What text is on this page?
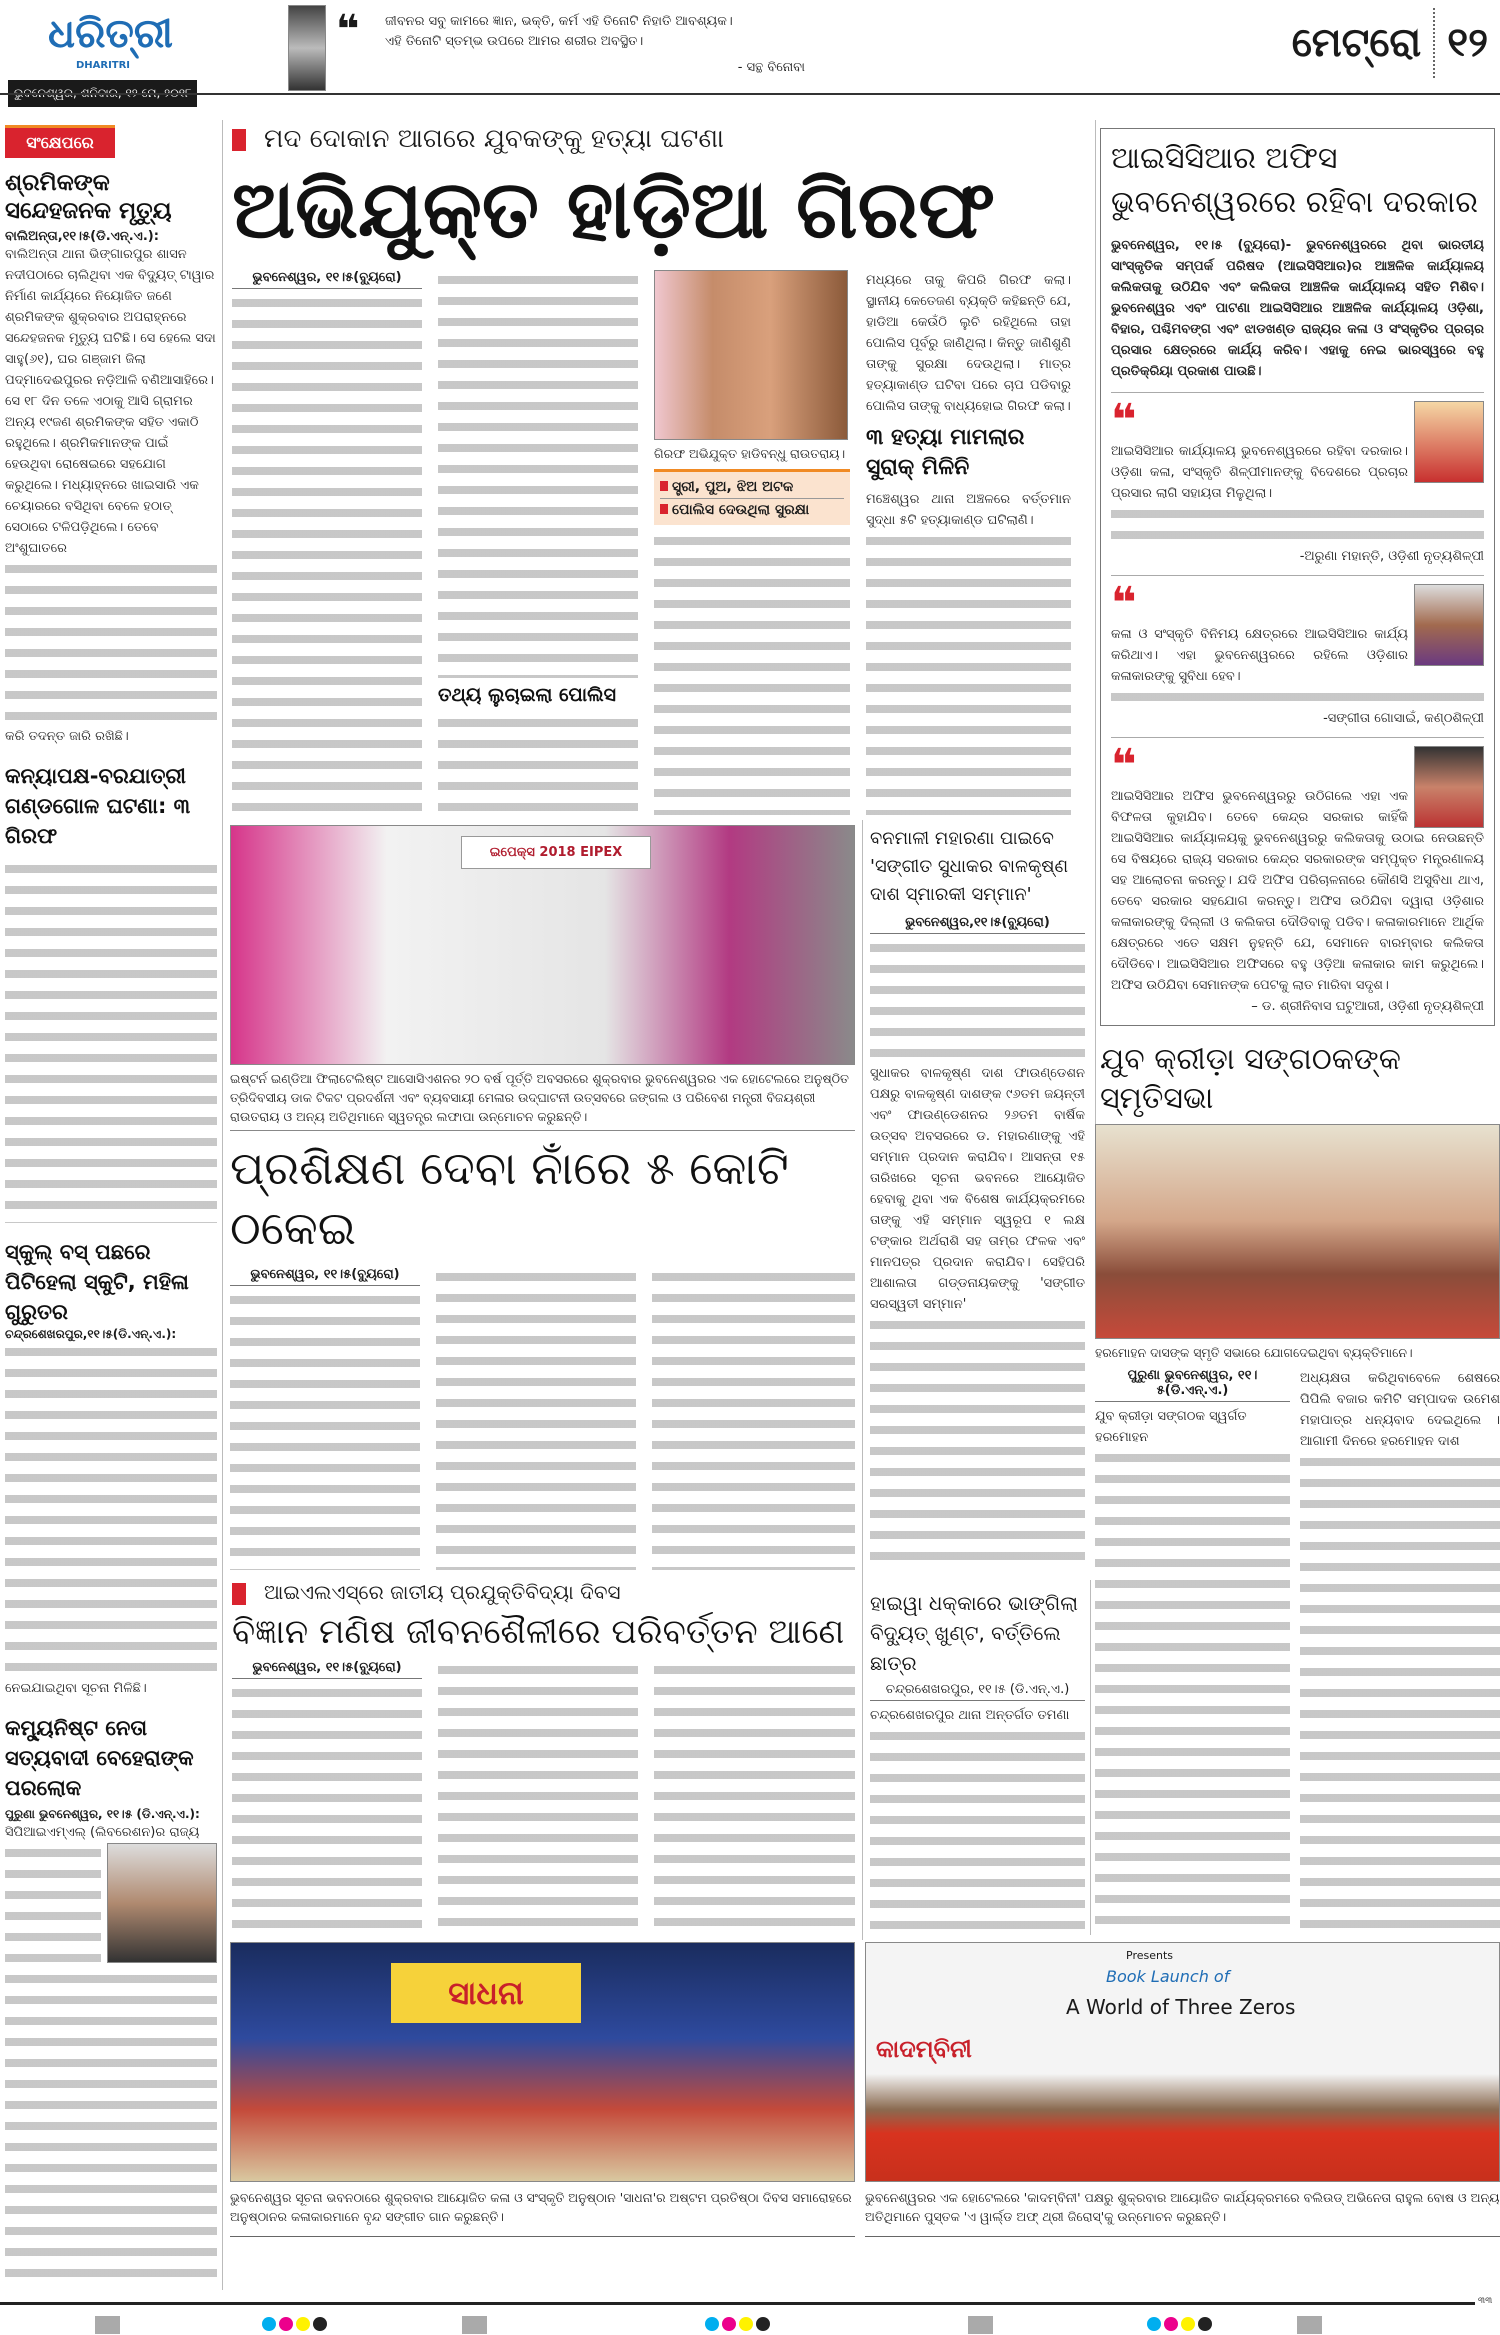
ଧରିତ୍ରୀ
DHARITRI
❝	ଜୀବନର ସବୁ କାମରେ ଜ୍ଞାନ, ଭକ୍ତି, କର୍ମ ଏହି ତିନୋଟି ନିହାତି ଆବଶ୍ୟକ।
ଏହି ତିନୋଟି ସ୍ତମ୍ଭ ଉପରେ ଆମର ଶରୀର ଅବସ୍ଥିତ।
- ସନ୍ଥ ବିନୋବା
ମେଟ୍ରୋ ୧୨
ସଂକ୍ଷେପରେ
ଶ୍ରମିକଙ୍କ ସନ୍ଦେହଜନକ ମୃତ୍ୟୁ
ବାଲିଅନ୍ତା,୧୧।୫(ଡି.ଏନ୍.ଏ.):
ବାଲିଅନ୍ତା ଥାନା ଭିଙ୍ଗାରପୁର ଶାସନ ନଦୀପଠାରେ ଚାଲିଥିବା ଏକ ବିଦ୍ୟୁତ୍ ଟାୱାର ନିର୍ମାଣ କାର୍ଯ୍ୟରେ ନିୟୋଜିତ ଜଣେ ଶ୍ରମିକଙ୍କ ଶୁକ୍ରବାର ଅପରାହ୍ନରେ ସନ୍ଦେହଜନକ ମୃତ୍ୟୁ ଘଟିଛି। ସେ ହେଲେ ସଦା ସାହୁ(୬୧), ଘର ଗଞ୍ଜାମ ଜିଲା ପଦ୍ମାଦେଈପୁରର ନଡ଼ିଆଳି ବଣିଆସାହିରେ। ସେ ୧୮ ଦିନ ତଳେ ଏଠାକୁ ଆସି ଗ୍ରାମର ଅନ୍ୟ ୧୯ଜଣ ଶ୍ରମିକଙ୍କ ସହିତ ଏକାଠି ରହୁଥିଲେ। ଶ୍ରମିକମାନଙ୍କ ପାଇଁ ହେଉଥିବା ରୋଷେଇରେ ସହଯୋଗ କରୁଥିଲେ। ମଧ୍ୟାହ୍ନରେ ଖାଇସାରି ଏକ ଚେୟାରରେ ବସିଥିବା ବେଳେ ହଠାତ୍ ସେଠାରେ ଟଳିପଡ଼ିଥିଲେ। ତେବେ ଅଂଶୁଘାତରେ
କରି ତଦନ୍ତ ଜାରି ରଖିଛି।
କନ୍ୟାପକ୍ଷ-ବରଯାତ୍ରୀ ଗଣ୍ଡଗୋଳ ଘଟଣା: ୩ ଗିରଫ
ସ୍କୁଲ୍ ବସ୍ ପଛରେ ପିଟିହେଲା ସ୍କୁଟି, ମହିଳା ଗୁରୁତର
ଚନ୍ଦ୍ରଶେଖରପୁର,୧୧।୫(ଡି.ଏନ୍.ଏ.):
ନେଇଯାଇଥିବା ସୂଚନା ମିଳିଛି।
କମ୍ୟୁନିଷ୍ଟ ନେତା ସତ୍ୟବାଦୀ ବେହେରାଙ୍କ ପରଲୋକ
ପୁରୁଣା ଭୁବନେଶ୍ୱର, ୧୧।୫ (ଡି.ଏନ୍.ଏ.):
ସିପିଆଇଏମ୍ଏଲ୍ (ଲିବରେଶନ)ର ରାଜ୍ୟ
ମଦ ଦୋକାନ ଆଗରେ ଯୁବକଙ୍କୁ ହତ୍ୟା ଘଟଣା
ଅଭିଯୁକ୍ତ ହାଡ଼ିଆ ଗିରଫ
ଭୁବନେଶ୍ୱର, ୧୧।୫(ବ୍ୟୁରୋ)
ତଥ୍ୟ ଲୁଚାଇଲା ପୋଲିସ
ଗିରଫ ଅଭିଯୁକ୍ତ ହାଡିବନ୍ଧୁ ରାଉତରାୟ।
ସ୍ତ୍ରୀ, ପୁଅ, ଝିଅ ଅଟକ
ପୋଲିସ ଦେଉଥିଲା ସୁରକ୍ଷା
ମଧ୍ୟରେ ତାକୁ କିପରି ଗିରଫ କଲା। ସ୍ଥାନୀୟ କେତେଜଣ ବ୍ୟକ୍ତି କହିଛନ୍ତି ଯେ, ହାଡିଆ କେଉଁଠି ଲୁଚି ରହିଥିଲେ ତାହା ପୋଲିସ ପୂର୍ବରୁ ଜାଣିଥିଲା। କିନ୍ତୁ ଜାଣିଶୁଣି ତାଙ୍କୁ ସୁରକ୍ଷା ଦେଉଥିଲା। ମାତ୍ର ହତ୍ୟାକାଣ୍ଡ ଘଟିବା ପରେ ଚାପ ପଡିବାରୁ ପୋଲିସ ତାଙ୍କୁ ବାଧ୍ୟହୋଇ ଗିରଫ କଲା।
୩ ହତ୍ୟା ମାମଲାର ସୁରାକ୍ ମିଳିନି
ମଞ୍ଚେଶ୍ୱର ଥାନା ଅଞ୍ଚଳରେ ବର୍ତ୍ତମାନ ସୁଦ୍ଧା ୫ଟି ହତ୍ୟାକାଣ୍ଡ ଘଟିଲାଣି।
ଇପେକ୍ସ 2018 EIPEX
ଇଷ୍ଟର୍ନ ଇଣ୍ଡିଆ ଫିଲାଟେଲିଷ୍ଟ ଆସୋସିଏଶନର ୨୦ ବର୍ଷ ପୂର୍ତ୍ତି ଅବସରରେ ଶୁକ୍ରବାର ଭୁବନେଶ୍ୱରର ଏକ ହୋଟେଲରେ ଅନୁଷ୍ଠିତ ତ୍ରିଦିବସୀୟ ଡାକ ଟିକଟ ପ୍ରଦର୍ଶନୀ ଏବଂ ବ୍ୟବସାୟୀ ମେଳାର ଉଦ୍‌ଘାଟନୀ ଉତ୍ସବରେ ଜଙ୍ଗଲ ଓ ପରିବେଶ ମନ୍ତ୍ରୀ ବିଜୟଶ୍ରୀ ରାଉତରାୟ ଓ ଅନ୍ୟ ଅତିଥିମାନେ ସ୍ୱତନ୍ତ୍ର ଲଫାପା ଉନ୍ମୋଚନ କରୁଛନ୍ତି।
ପ୍ରଶିକ୍ଷଣ ଦେବା ନାଁରେ ୫ କୋଟି ଠକେଇ
ଭୁବନେଶ୍ୱର, ୧୧।୫(ବ୍ୟୁରୋ)
ବନମାଳୀ ମହାରଣା ପାଇବେ 'ସଙ୍ଗୀତ ସୁଧାକର ବାଳକୃଷ୍ଣ ଦାଶ ସ୍ମାରକୀ ସମ୍ମାନ'
ଭୁବନେଶ୍ୱର,୧୧।୫(ବ୍ୟୁରୋ)
ସୁଧାକର ବାଳକୃଷ୍ଣ ଦାଶ ଫାଉଣ୍ଡେଶନ ପକ୍ଷରୁ ବାଳକୃଷ୍ଣ ଦାଶଙ୍କ ୯୬ତମ ଜୟନ୍ତୀ ଏବଂ ଫାଉଣ୍ଡେଶନର ୨୬ତମ ବାର୍ଷିକ ଉତ୍ସବ ଅବସରରେ ଡ. ମହାରଣାଙ୍କୁ ଏହି ସମ୍ମାନ ପ୍ରଦାନ କରାଯିବ। ଆସନ୍ତା ୧୫ ତାରିଖରେ ସୂଚନା ଭବନରେ ଆୟୋଜିତ ହେବାକୁ ଥିବା ଏକ ବିଶେଷ କାର୍ଯ୍ୟକ୍ରମରେ ତାଙ୍କୁ ଏହି ସମ୍ମାନ ସ୍ୱରୂପ ୧ ଲକ୍ଷ ଟଙ୍କାର ଅର୍ଥରାଶି ସହ ତାମ୍ର ଫଳକ ଏବଂ ମାନପତ୍ର ପ୍ରଦାନ କରାଯିବ। ସେହିପରି ଆଶାଲତା ଗଡ୍ଡନାୟକଙ୍କୁ 'ସଙ୍ଗୀତ ସରସ୍ୱତୀ ସମ୍ମାନ'
ଆଇସିସିଆର ଅଫିସ
ଭୁବନେଶ୍ୱରରେ ରହିବା ଦରକାର
ଭୁବନେଶ୍ୱର, ୧୧।୫ (ବ୍ୟୁରୋ)- ଭୁବନେଶ୍ୱରରେ ଥିବା ଭାରତୀୟ ସାଂସ୍କୃତିକ ସମ୍ପର୍କ ପରିଷଦ (ଆଇସିସିଆର)ର ଆଞ୍ଚଳିକ କାର୍ଯ୍ୟାଳୟ କଲିକତାକୁ ଉଠିଯିବ ଏବଂ କଲିକତା ଆଞ୍ଚଳିକ କାର୍ଯ୍ୟାଳୟ ସହିତ ମିଶିବ। ଭୁବନେଶ୍ୱର ଏବଂ ପାଟଣା ଆଇସିସିଆର ଆଞ୍ଚଳିକ କାର୍ଯ୍ୟାଳୟ ଓଡ଼ିଶା, ବିହାର, ପଶ୍ଚିମବଙ୍ଗ ଏବଂ ଝାଡଖଣ୍ଡ ରାଜ୍ୟର କଳା ଓ ସଂସ୍କୃତିର ପ୍ରଚାର ପ୍ରସାର କ୍ଷେତ୍ରରେ କାର୍ଯ୍ୟ କରିବ। ଏହାକୁ ନେଇ ଭାରସ୍ୱରେ ବହୁ ପ୍ରତିକ୍ରିୟା ପ୍ରକାଶ ପାଉଛି।
❝
ଆଇସିସିଆର କାର୍ଯ୍ୟାଳୟ ଭୁବନେଶ୍ୱରରେ ରହିବା ଦରକାର। ଓଡ଼ିଶା କଳା, ସଂସ୍କୃତି ଶିଳ୍ପୀମାନଙ୍କୁ ବିଦେଶରେ ପ୍ରଚାର ପ୍ରସାର ଲାଗି ସହାୟତା ମିଳୁଥିଲା।
-ଅରୁଣା ମହାନ୍ତି, ଓଡ଼ିଶୀ ନୃତ୍ୟଶିଳ୍ପୀ
❝
କଳା ଓ ସଂସ୍କୃତି ବିନିମୟ କ୍ଷେତ୍ରରେ ଆଇସିସିଆର କାର୍ଯ୍ୟ କରିଥାଏ। ଏହା ଭୁବନେଶ୍ୱରରେ ରହିଲେ ଓଡ଼ିଶାର କଳାକାରଙ୍କୁ ସୁବିଧା ହେବ।
-ସଙ୍ଗୀତା ଗୋସାଇଁ, କଣ୍ଠଶିଳ୍ପୀ
❝
ଆଇସିସିଆର ଅଫିସ ଭୁବନେଶ୍ୱରରୁ ଉଠିଗଲେ ଏହା ଏକ ବିଫଳତା କୁହାଯିବ। ତେବେ କେନ୍ଦ୍ର ସରକାର କାହିଁକି ଆଇସିସିଆର କାର୍ଯ୍ୟାଳୟକୁ ଭୁବନେଶ୍ୱରରୁ କଲିକତାକୁ ଉଠାଇ ନେଉଛନ୍ତି ସେ ବିଷୟରେ ରାଜ୍ୟ ସରକାର କେନ୍ଦ୍ର ସରକାରଙ୍କ ସମ୍ପୃକ୍ତ ମନ୍ତ୍ରଣାଳୟ ସହ ଆଲୋଚନା କରନ୍ତୁ। ଯଦି ଅଫିସ ପରିଚାଳନାରେ କୌଣସି ଅସୁବିଧା ଥାଏ, ତେବେ ସରକାର ସହଯୋଗ କରନ୍ତୁ। ଅଫିସ ଉଠିଯିବା ଦ୍ୱାରା ଓଡ଼ିଶାର କଳାକାରଙ୍କୁ ଦିଲ୍ଲୀ ଓ କଲିକତା ଦୌଡିବାକୁ ପଡିବ। କଳାକାରମାନେ ଆର୍ଥିକ କ୍ଷେତ୍ରରେ ଏତେ ସକ୍ଷମ ନୁହନ୍ତି ଯେ, ସେମାନେ ବାରମ୍ବାର କଲିକତା ଦୌଡିବେ। ଆଇସିସିଆର ଅଫିସରେ ବହୁ ଓଡ଼ିଆ କଳାକାର କାମ କରୁଥିଲେ। ଅଫିସ ଉଠିଯିବା ସେମାନଙ୍କ ପେଟକୁ ଲାତ ମାରିବା ସଦୃଶ।
– ଡ. ଶ୍ରୀନିବାସ ଘଟୁଆରୀ, ଓଡ଼ିଶୀ ନୃତ୍ୟଶିଳ୍ପୀ
ଯୁବ କ୍ରୀଡ଼ା ସଙ୍ଗଠକଙ୍କ ସ୍ମୃତିସଭା
ହରମୋହନ ଦାସଙ୍କ ସ୍ମୃତି ସଭାରେ ଯୋଗଦେଇଥିବା ବ୍ୟକ୍ତିମାନେ।
ପୁରୁଣା ଭୁବନେଶ୍ୱର, ୧୧।୫(ଡି.ଏନ୍.ଏ.)
ଯୁବ କ୍ରୀଡ଼ା ସଙ୍ଗଠକ ସ୍ୱର୍ଗତ ହରମୋହନ
ଅଧ୍ୟକ୍ଷତା କରିଥିବାବେଳେ ଶେଷରେ ପିପିଲି ବଜାର କମିଟି ସମ୍ପାଦକ ଉମେଶ ମହାପାତ୍ର ଧନ୍ୟବାଦ ଦେଇଥିଲେ । ଆଗାମୀ ଦିନରେ ହରମୋହନ ଦାଶ
ଆଇଏଲଏସ୍‌ରେ ଜାତୀୟ ପ୍ରଯୁକ୍ତିବିଦ୍ୟା ଦିବସ
ବିଜ୍ଞାନ ମଣିଷ ଜୀବନଶୈଳୀରେ ପରିବର୍ତ୍ତନ ଆଣେ
ଭୁବନେଶ୍ୱର, ୧୧।୫(ବ୍ୟୁରୋ)
ହାଇୱା ଧକ୍କାରେ ଭାଙ୍ଗିଲା ବିଦ୍ୟୁତ୍ ଖୁଣ୍ଟ, ବର୍ତ୍ତିଲେ ଛାତ୍ର
ଚନ୍ଦ୍ରଶେଖରପୁର, ୧୧।୫ (ଡି.ଏନ୍.ଏ.)
ଚନ୍ଦ୍ରଶେଖରପୁର ଥାନା ଅନ୍ତର୍ଗତ ତମଣା
ସାଧନା
ଭୁବନେଶ୍ୱର ସୂଚନା ଭବନଠାରେ ଶୁକ୍ରବାର ଆୟୋଜିତ କଳା ଓ ସଂସ୍କୃତି ଅନୁଷ୍ଠାନ 'ସାଧନା'ର ଅଷ୍ଟମ ପ୍ରତିଷ୍ଠା ଦିବସ ସମାରୋହରେ ଅନୁଷ୍ଠାନର କଳାକାରମାନେ ବୃନ୍ଦ ସଙ୍ଗୀତ ଗାନ କରୁଛନ୍ତି।
Presents
Book Launch of
A World of Three Zeros
କାଦମ୍ବିନୀ
ଭୁବନେଶ୍ୱରର ଏକ ହୋଟେଲରେ 'କାଦମ୍ବିନୀ' ପକ୍ଷରୁ ଶୁକ୍ରବାର ଆୟୋଜିତ କାର୍ଯ୍ୟକ୍ରମରେ ବଲିଉଡ୍ ଅଭିନେତା ରାହୁଲ ବୋଷ ଓ ଅନ୍ୟ ଅତିଥିମାନେ ପୁସ୍ତକ 'ଏ ୱାର୍ଲ୍ଡ ଅଫ୍ ଥ୍ରୀ ଜିରୋସ୍'କୁ ଉନ୍ମୋଚନ କରୁଛନ୍ତି।
୩୩
